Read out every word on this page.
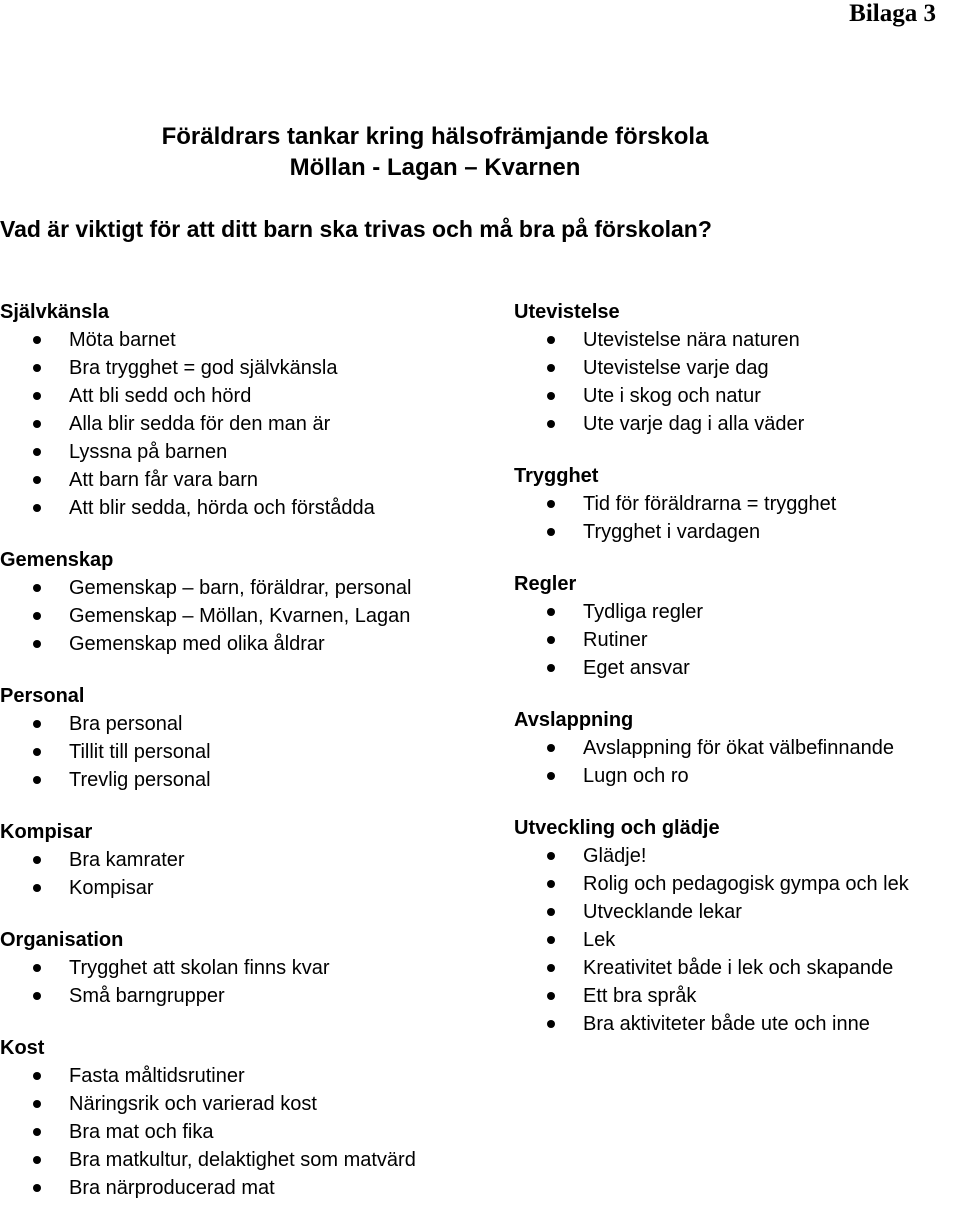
Bilaga 3
Föräldrars tankar kring hälsofrämjande förskola
Möllan - Lagan – Kvarnen
Vad är viktigt för att ditt barn ska trivas och må bra på förskolan?
Självkänsla
Möta barnet
Bra trygghet = god självkänsla
Att bli sedd och hörd
Alla blir sedda för den man är
Lyssna på barnen
Att barn får vara barn
Att blir sedda, hörda och förstådda
Gemenskap
Gemenskap – barn, föräldrar, personal
Gemenskap – Möllan, Kvarnen, Lagan
Gemenskap med olika åldrar
Personal
Bra personal
Tillit till personal
Trevlig personal
Kompisar
Bra kamrater
Kompisar
Organisation
Trygghet att skolan finns kvar
Små barngrupper
Kost
Fasta måltidsrutiner
Näringsrik och varierad kost
Bra mat och fika
Bra matkultur, delaktighet som matvärd
Bra närproducerad mat
Utevistelse
Utevistelse nära naturen
Utevistelse varje dag
Ute i skog och natur
Ute varje dag i alla väder
Trygghet
Tid för föräldrarna = trygghet
Trygghet i vardagen
Regler
Tydliga regler
Rutiner
Eget ansvar
Avslappning
Avslappning för ökat välbefinnande
Lugn och ro
Utveckling och glädje
Glädje!
Rolig och pedagogisk gympa och lek
Utvecklande lekar
Lek
Kreativitet både i lek och skapande
Ett bra språk
Bra aktiviteter både ute och inne
